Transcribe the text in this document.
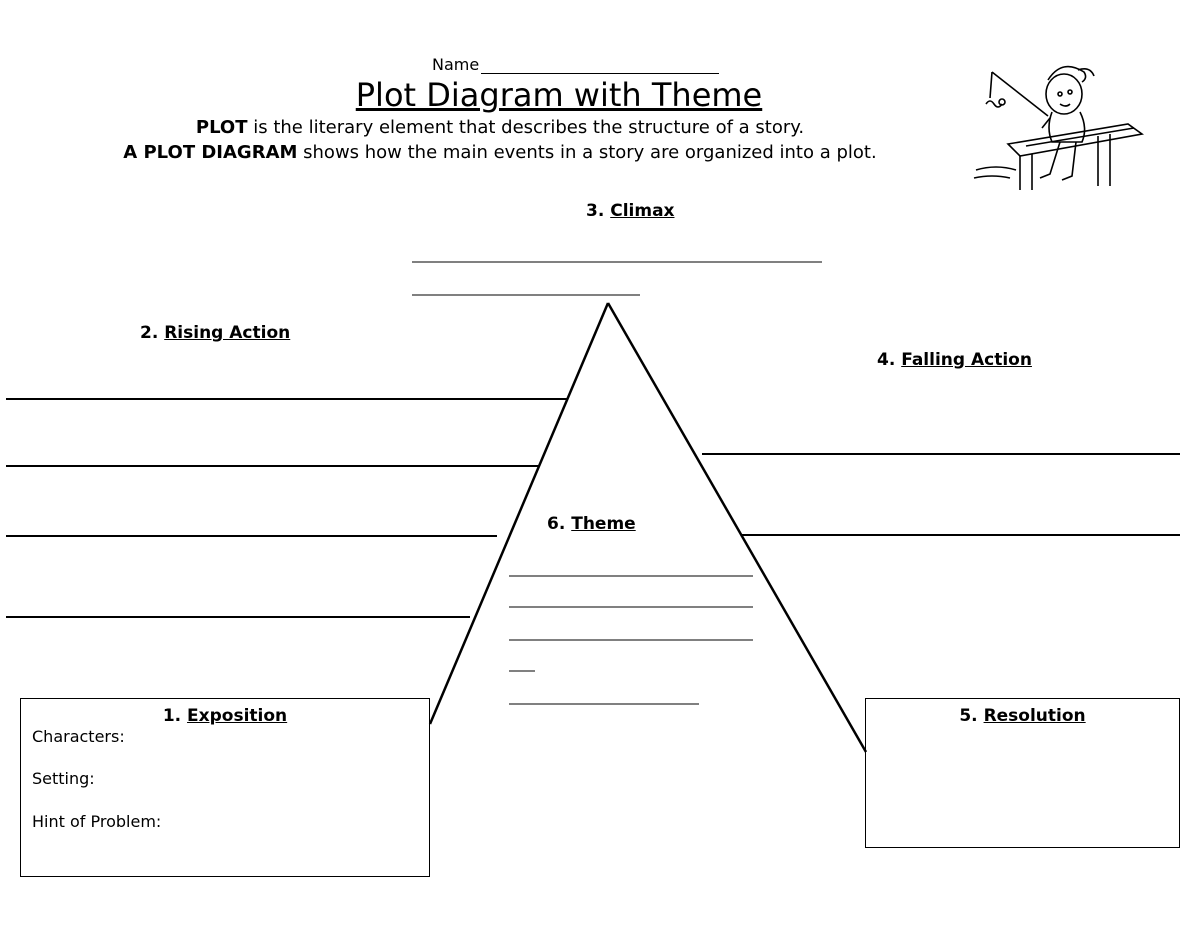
Name
Plot Diagram with Theme
PLOT is the literary element that describes the structure of a story.
A PLOT DIAGRAM shows how the main events in a story are organized into a plot.
3. Climax
2. Rising Action
4. Falling Action
6. Theme
1. Exposition
Characters:
Setting:
Hint of Problem:
5. Resolution
